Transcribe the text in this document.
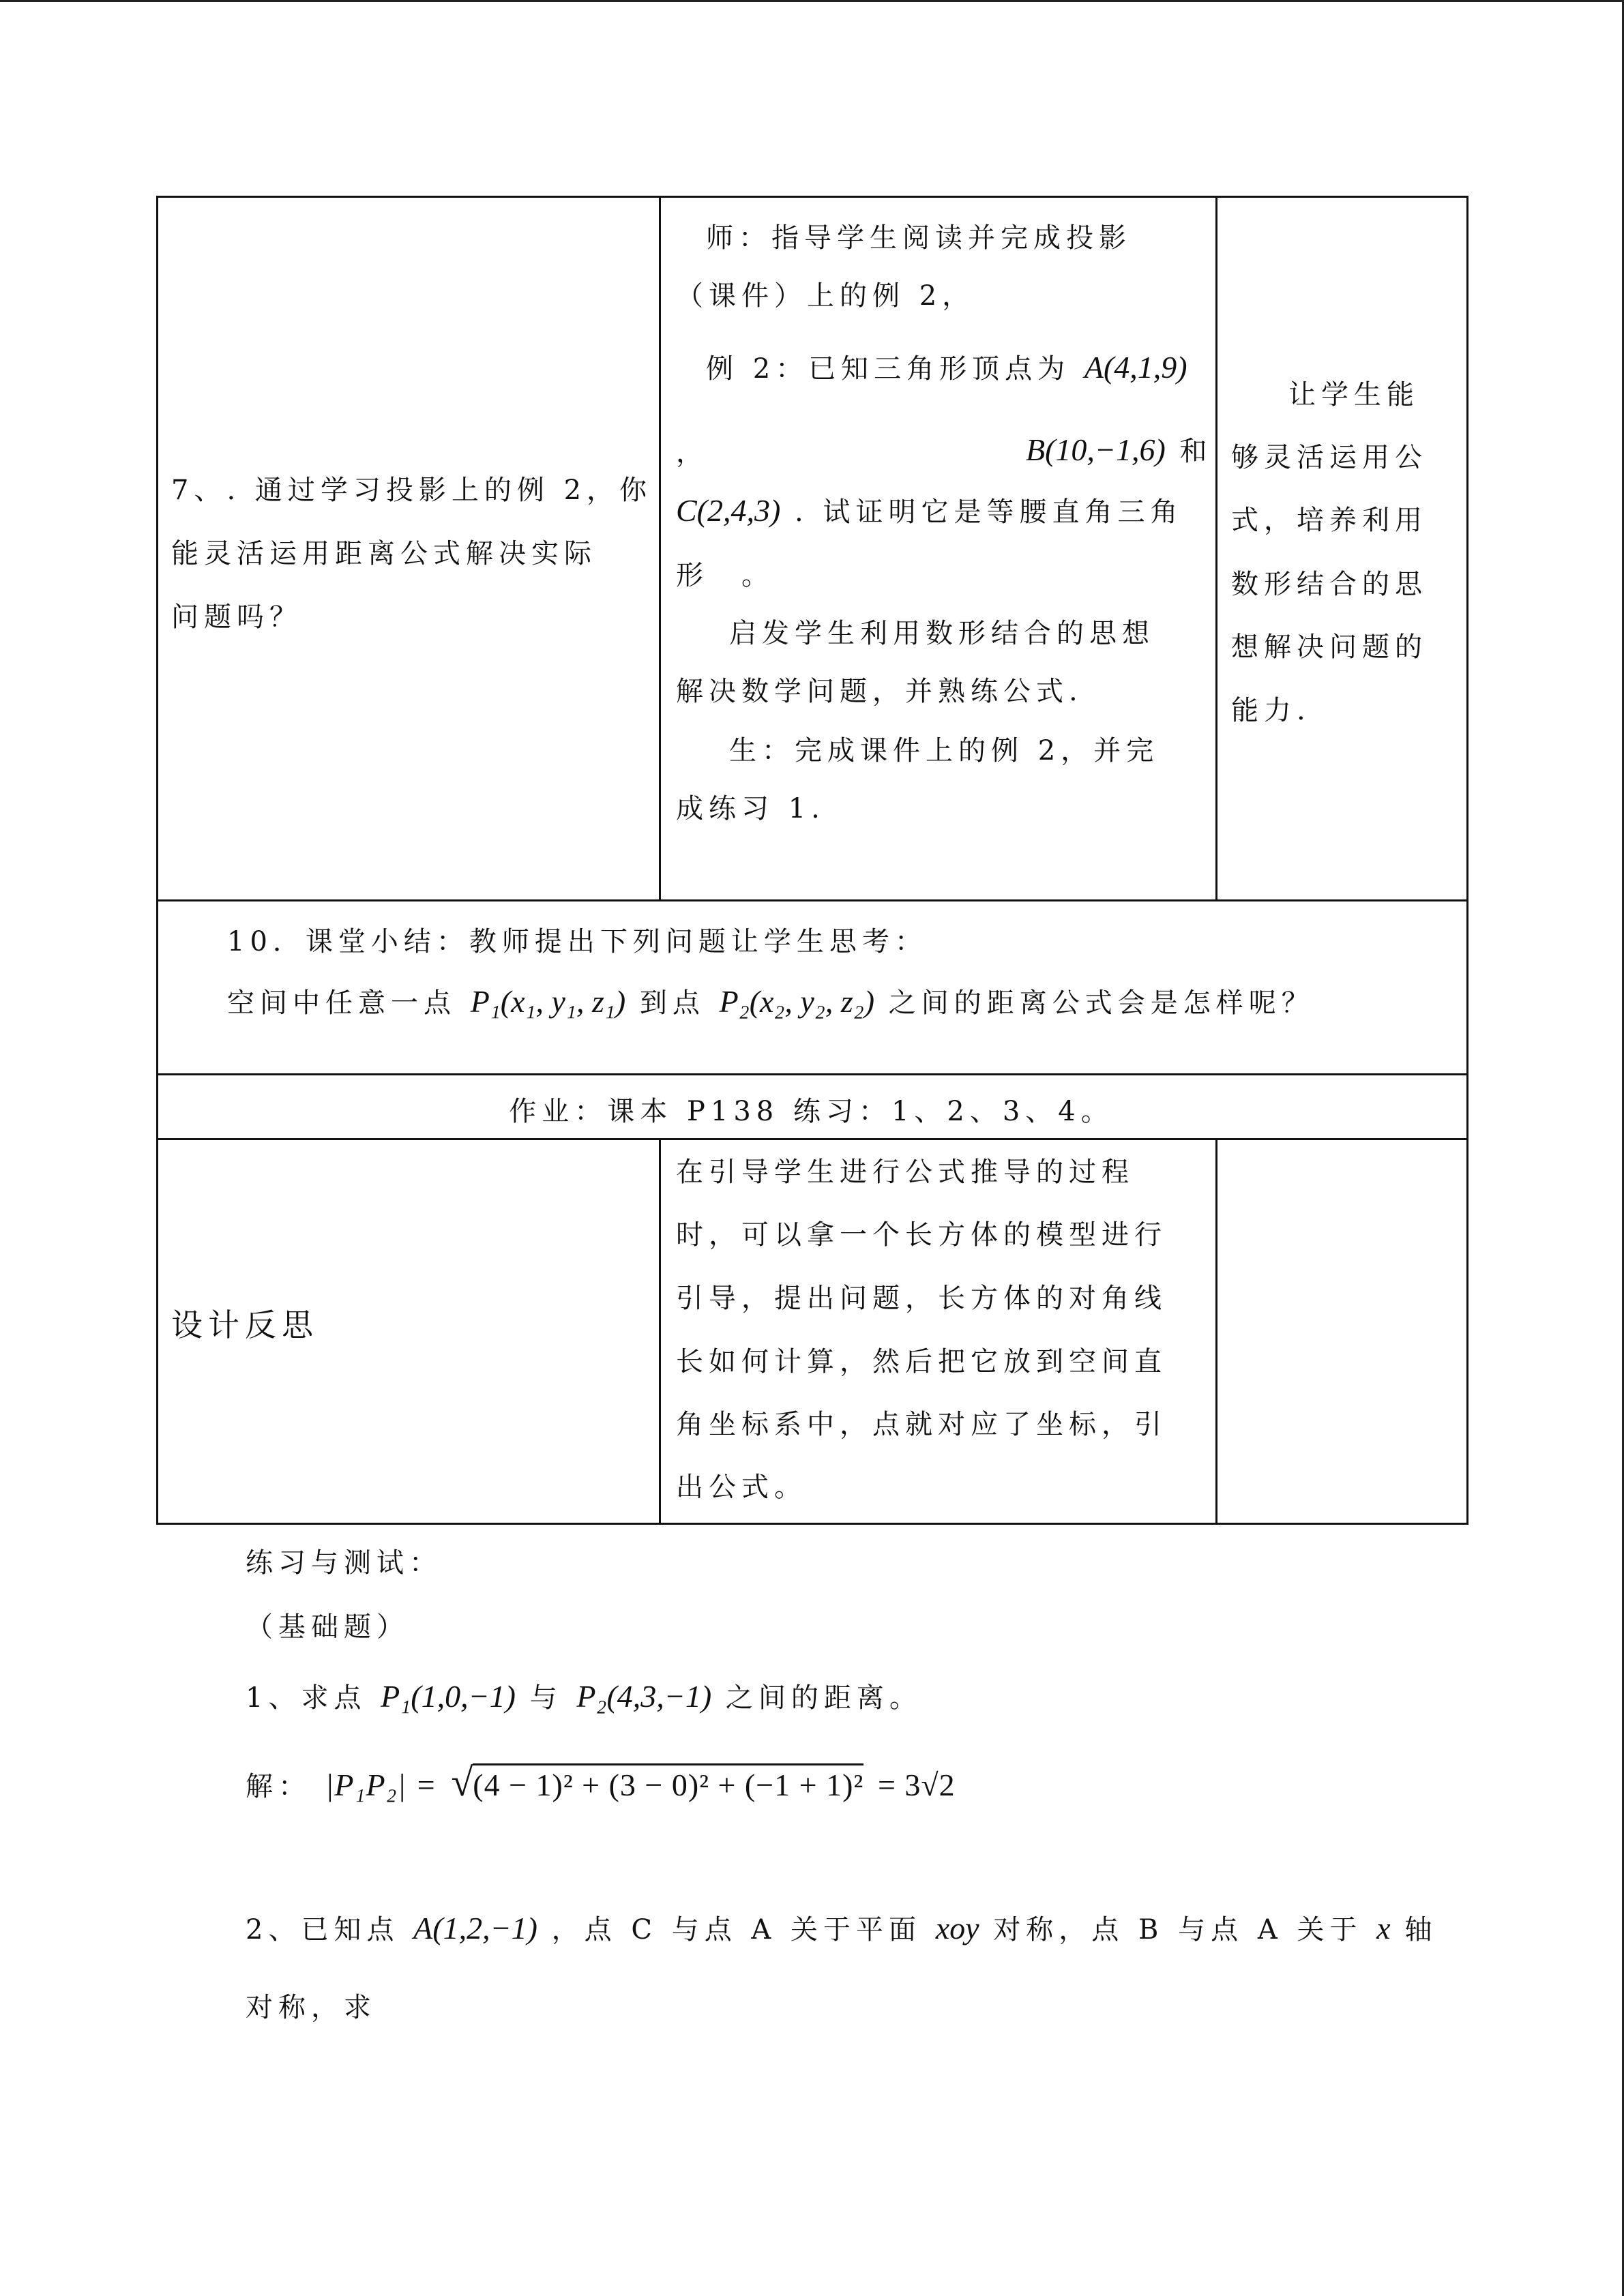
7、. 通过学习投影上的例 2，你
能灵活运用距离公式解决实际
问题吗？
师：指导学生阅读并完成投影
（课件）上的例 2，
例 2：已知三角形顶点为 A(4,1,9)
，	B(10,−1,6) 和
C(2,4,3) . 试证明它是等腰直角三角
形　。
启发学生利用数形结合的思想
解决数学问题，并熟练公式.
生：完成课件上的例 2，并完
成练习 1.
让学生能
够灵活运用公
式，培养利用
数形结合的思
想解决问题的
能力.
10．课堂小结：教师提出下列问题让学生思考：
空间中任意一点 P₁(x₁, y₁, z₁) 到点 P₂(x₂, y₂, z₂) 之间的距离公式会是怎样呢？
作业：课本 P138 练习：1、2、3、4。
设计反思
在引导学生进行公式推导的过程
时，可以拿一个长方体的模型进行
引导，提出问题，长方体的对角线
长如何计算，然后把它放到空间直
角坐标系中，点就对应了坐标，引
出公式。
练习与测试：
（基础题）
1、求点 P₁(1,0,−1) 与 P₂(4,3,−1) 之间的距离。
解： |P₁P₂| = √(4 − 1)² + (3 − 0)² + (−1 + 1)² = 3√2
2、已知点 A(1,2,−1) ，点 C 与点 A 关于平面 xoy 对称，点 B 与点 A 关于 x 轴
对称，求
